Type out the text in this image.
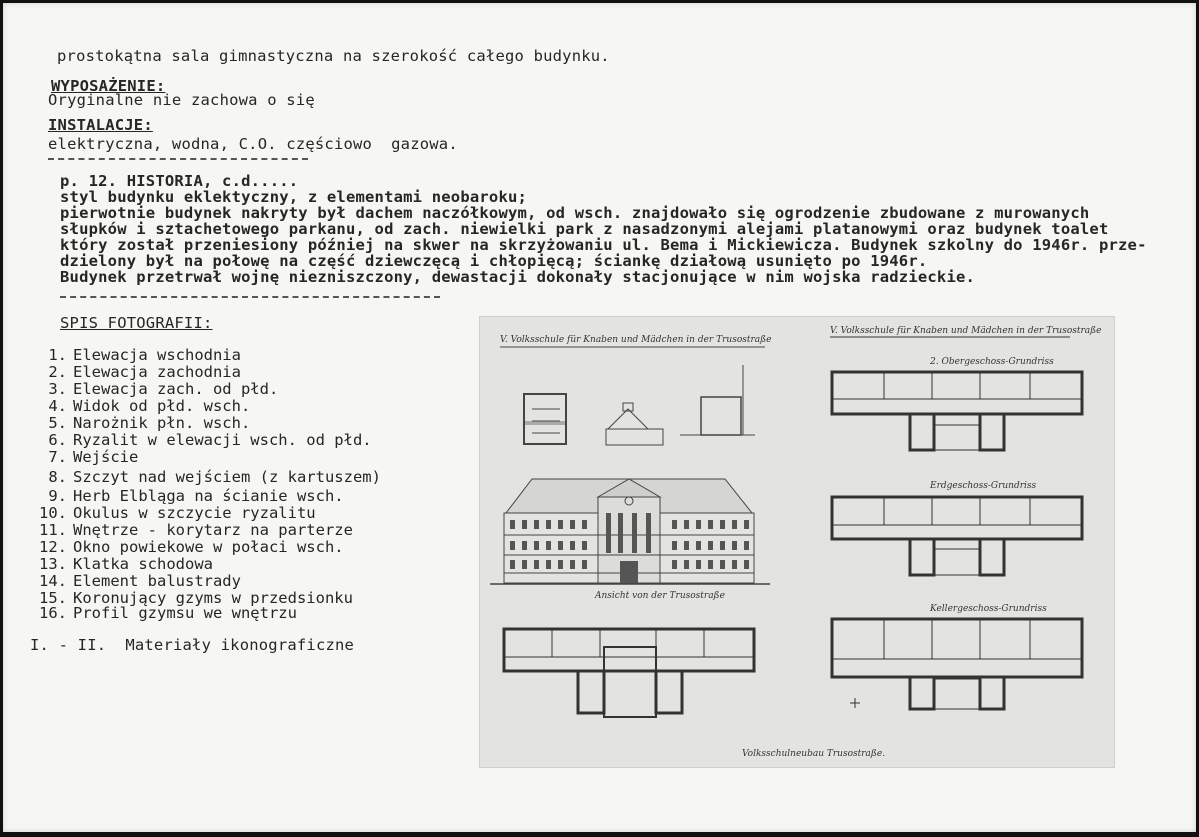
prostokątna sala gimnastyczna na szerokość całego budynku.
WYPOSAŻENIE:
Oryginalne nie zachowa o się
INSTALACJE:
elektryczna, wodna, C.O. częściowo  gazowa.
p. 12. HISTORIA, c.d.....
styl budynku eklektyczny, z elementami neobaroku;
pierwotnie budynek nakryty był dachem naczółkowym, od wsch. znajdowało się ogrodzenie zbudowane z murowanych
słupków i sztachetowego parkanu, od zach. niewielki park z nasadzonymi alejami platanowymi oraz budynek toalet
który został przeniesiony później na skwer na skrzyżowaniu ul. Bema i Mickiewicza. Budynek szkolny do 1946r. prze-
dzielony był na połowę na część dziewczęcą i chłopięcą; ściankę działową usunięto po 1946r.
Budynek przetrwał wojnę niezniszczony, dewastacji dokonały stacjonujące w nim wojska radzieckie.
SPIS FOTOGRAFII:
1. Elewacja wschodnia
2. Elewacja zachodnia
3. Elewacja zach. od płd.
4. Widok od płd. wsch.
5. Narożnik płn. wsch.
6. Ryzalit w elewacji wsch. od płd.
7. Wejście
8. Szczyt nad wejściem (z kartuszem)
9. Herb Elbląga na ścianie wsch.
10. Okulus w szczycie ryzalitu
11. Wnętrze - korytarz na parterze
12. Okno powiekowe w połaci wsch.
13. Klatka schodowa
14. Element balustrady
15. Koronujący gzyms w przedsionku
16. Profil gzymsu we wnętrzu
I. - II.  Materiały ikonograficzne
V. Volksschule für Knaben und Mädchen in der Trusostraße
V. Volksschule für Knaben und Mädchen in der Trusostraße
2. Obergeschoss-Grundriss
Erdgeschoss-Grundriss
Kellergeschoss-Grundriss
Ansicht von der Trusostraße
Volksschulneubau Trusostraße.
